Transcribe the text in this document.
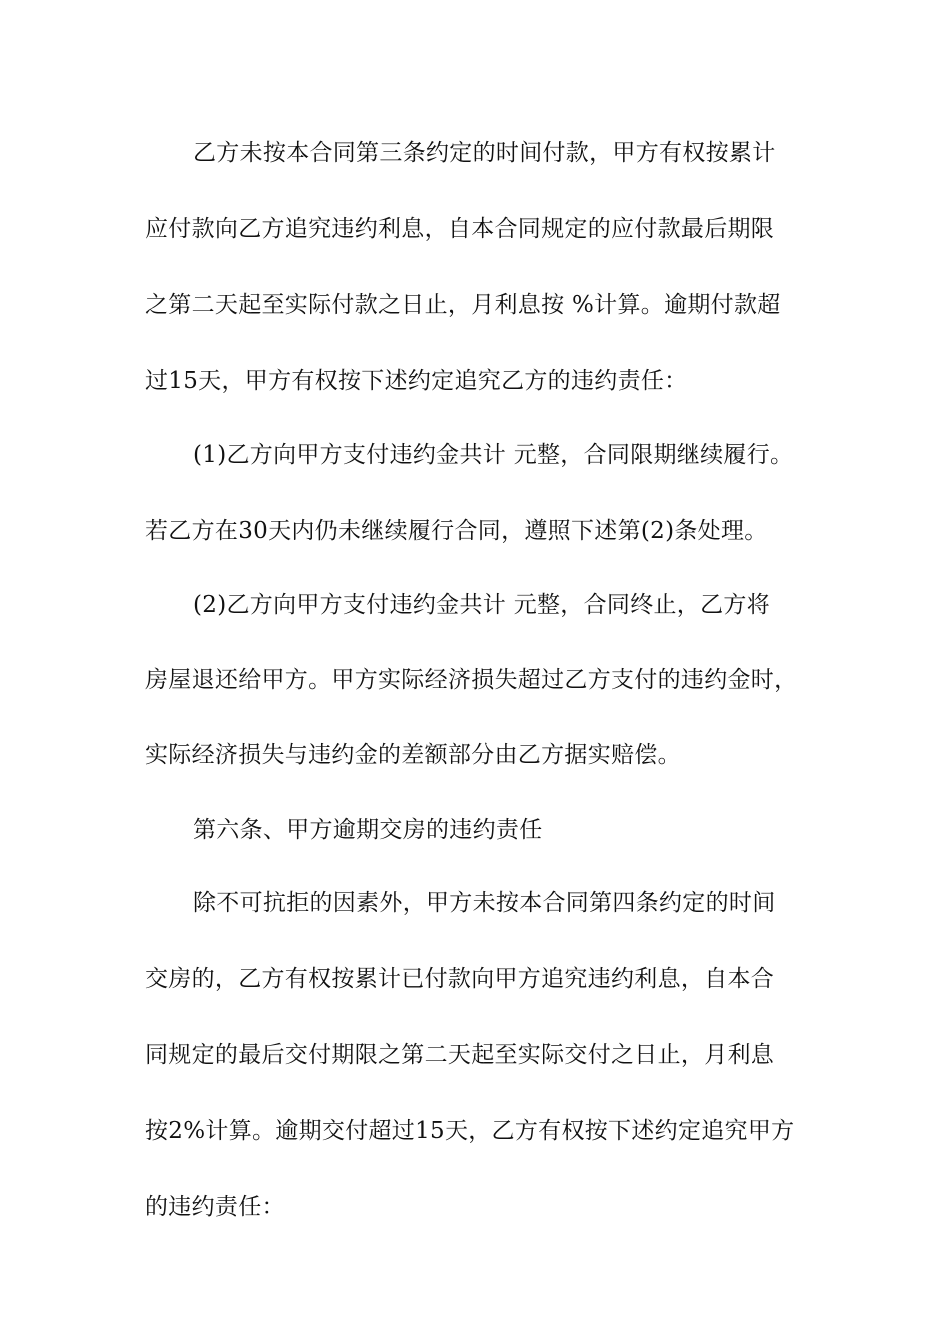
乙方未按本合同第三条约定的时间付款，甲方有权按累计
应付款向乙方追究违约利息，自本合同规定的应付款最后期限
之第二天起至实际付款之日止，月利息按 %计算。逾期付款超
过15天，甲方有权按下述约定追究乙方的违约责任：
(1)乙方向甲方支付违约金共计 元整，合同限期继续履行。
若乙方在30天内仍未继续履行合同，遵照下述第(2)条处理。
(2)乙方向甲方支付违约金共计 元整，合同终止，乙方将
房屋退还给甲方。甲方实际经济损失超过乙方支付的违约金时，
实际经济损失与违约金的差额部分由乙方据实赔偿。
第六条、甲方逾期交房的违约责任
除不可抗拒的因素外，甲方未按本合同第四条约定的时间
交房的，乙方有权按累计已付款向甲方追究违约利息，自本合
同规定的最后交付期限之第二天起至实际交付之日止，月利息
按2%计算。逾期交付超过15天，乙方有权按下述约定追究甲方
的违约责任：
